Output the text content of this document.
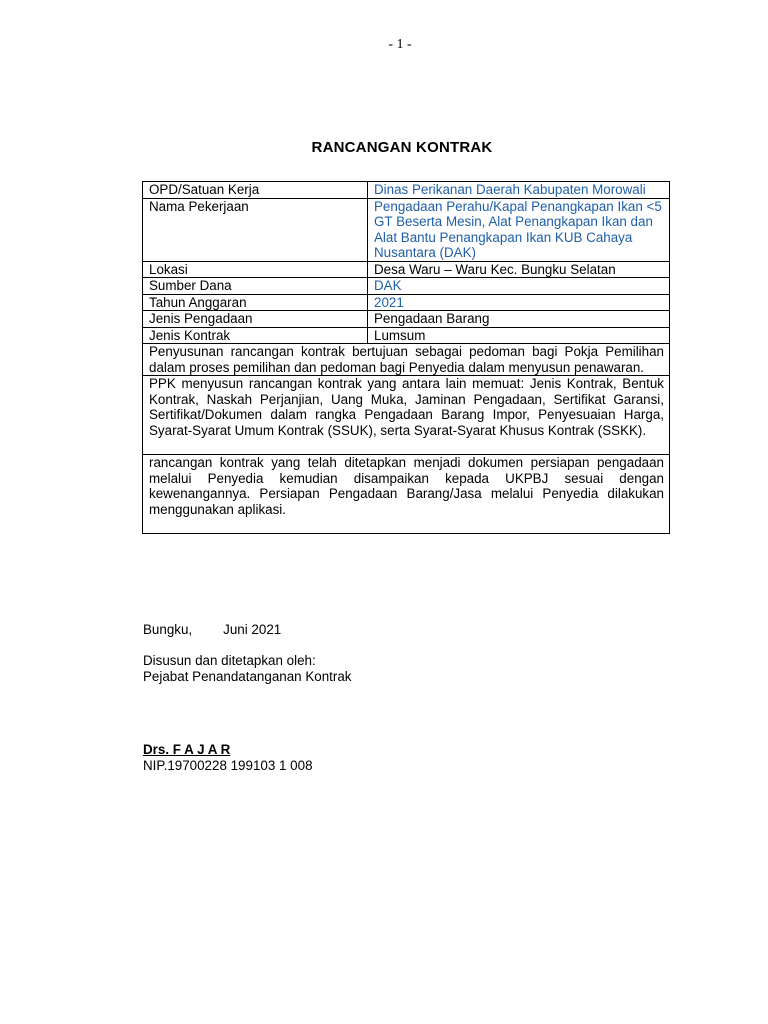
- 1 -
RANCANGAN KONTRAK
OPD/Satuan Kerja	Dinas Perikanan Daerah Kabupaten Morowali
Nama Pekerjaan	Pengadaan Perahu/Kapal Penangkapan Ikan <5 GT Beserta Mesin, Alat Penangkapan Ikan dan Alat Bantu Penangkapan Ikan KUB Cahaya Nusantara (DAK)
Lokasi	Desa Waru – Waru Kec. Bungku Selatan
Sumber Dana	DAK
Tahun Anggaran	2021
Jenis Pengadaan	Pengadaan Barang
Jenis Kontrak	Lumsum
Penyusunan rancangan kontrak bertujuan sebagai pedoman bagi Pokja Pemilihan dalam proses pemilihan dan pedoman bagi Penyedia dalam menyusun penawaran.	
PPK menyusun rancangan kontrak yang antara lain memuat: Jenis Kontrak, Bentuk Kontrak, Naskah Perjanjian, Uang Muka, Jaminan Pengadaan, Sertifikat Garansi, Sertifikat/Dokumen dalam rangka Pengadaan Barang Impor, Penyesuaian Harga, Syarat-Syarat Umum Kontrak (SSUK), serta Syarat-Syarat Khusus Kontrak (SSKK).	
rancangan kontrak yang telah ditetapkan menjadi dokumen persiapan pengadaan melalui Penyedia kemudian disampaikan kepada UKPBJ sesuai dengan kewenangannya. Persiapan Pengadaan Barang/Jasa melalui Penyedia dilakukan menggunakan aplikasi.	
Bungku, Juni 2021
Disusun dan ditetapkan oleh:
Pejabat Penandatanganan Kontrak
Drs. F A J A R
NIP.19700228 199103 1 008
